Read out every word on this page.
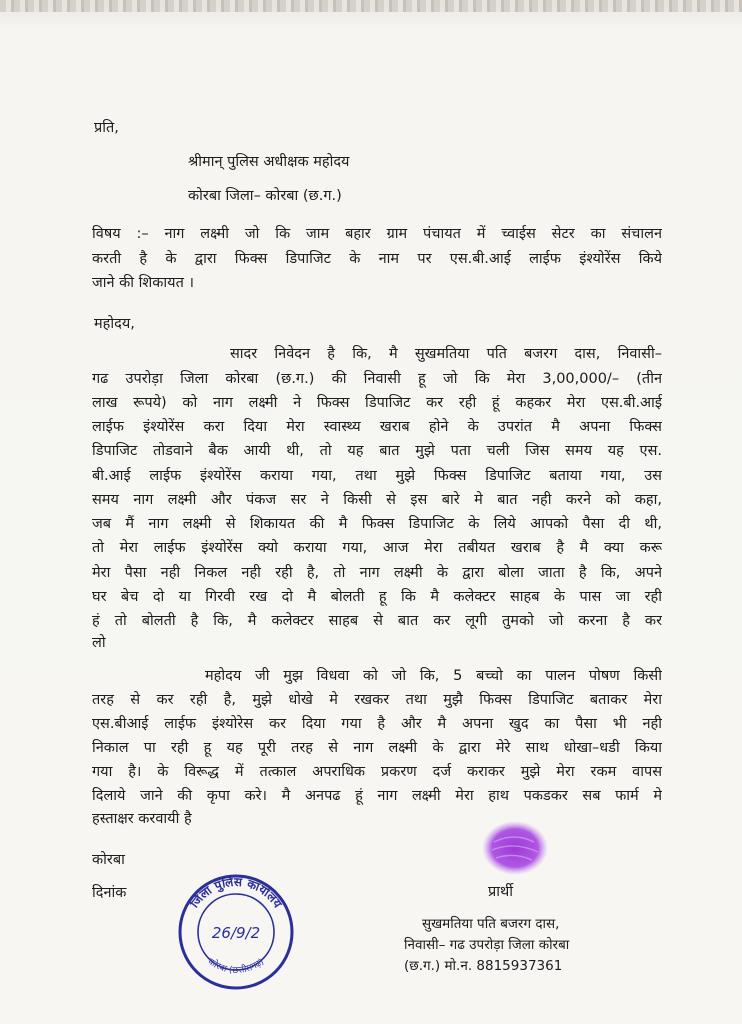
प्रति,
श्रीमान् पुलिस अधीक्षक महोदय
कोरबा जिला– कोरबा (छ.ग.)
विषय :– नाग लक्ष्मी जो कि जाम बहार ग्राम पंचायत में च्वाईस सेटर का संचालन
करती है के द्वारा फिक्स डिपाजिट के नाम पर एस.बी.आई लाईफ इंश्योरेंस किये
जाने की शिकायत ।
महोदय,
सादर निवेदन है कि, मै सुखमतिया पति बजरग दास, निवासी–
गढ उपरोड़ा जिला कोरबा (छ.ग.) की निवासी हू जो कि मेरा 3,00,000/– (तीन
लाख रूपये) को नाग लक्ष्मी ने फिक्स डिपाजिट कर रही हूं कहकर मेरा एस.बी.आई
लाईफ इंश्योरेंस करा दिया मेरा स्वास्थ्य खराब होने के उपरांत मै अपना फिक्स
डिपाजिट तोडवाने बैक आयी थी, तो यह बात मुझे पता चली जिस समय यह एस.
बी.आई लाईफ इंश्योरेंस कराया गया, तथा मुझे फिक्स डिपाजिट बताया गया, उस
समय नाग लक्ष्मी और पंकज सर ने किसी से इस बारे मे बात नही करने को कहा,
जब मैं नाग लक्ष्मी से शिकायत की मै फिक्स डिपाजिट के लिये आपको पैसा दी थी,
तो मेरा लाईफ इंश्योरेंस क्यो कराया गया, आज मेरा तबीयत खराब है मै क्या करू
मेरा पैसा नही निकल नही रही है, तो नाग लक्ष्मी के द्वारा बोला जाता है कि, अपने
घर बेच दो या गिरवी रख दो मै बोलती हू कि मै कलेक्टर साहब के पास जा रही
हं तो बोलती है कि, मै कलेक्टर साहब से बात कर लूगी तुमको जो करना है कर
लो
महोदय जी मुझ विधवा को जो कि, 5 बच्चो का पालन पोषण किसी
तरह से कर रही है, मुझे धोखे मे रखकर तथा मुझै फिक्स डिपाजिट बताकर मेरा
एस.बीआई लाईफ इंश्योरेस कर दिया गया है और मै अपना खुद का पैसा भी नही
निकाल पा रही हू यह पूरी तरह से नाग लक्ष्मी के द्वारा मेरे साथ धोखा–धडी किया
गया है। के विरूद्ध में तत्काल अपराधिक प्रकरण दर्ज कराकर मुझे मेरा रकम वापस
दिलाये जाने की कृपा करे। मै अनपढ हूं नाग लक्ष्मी मेरा हाथ पकडकर सब फार्म मे
हस्ताक्षर करवायी है
कोरबा
दिनांक	प्रार्थी
जिला पुलिस कार्यालय
कोरबा (छत्तीसगढ़)
26/9/2	सुखमतिया पति बजरग दास,
निवासी– गढ उपरोड़ा जिला कोरबा
(छ.ग.) मो.न. 8815937361
